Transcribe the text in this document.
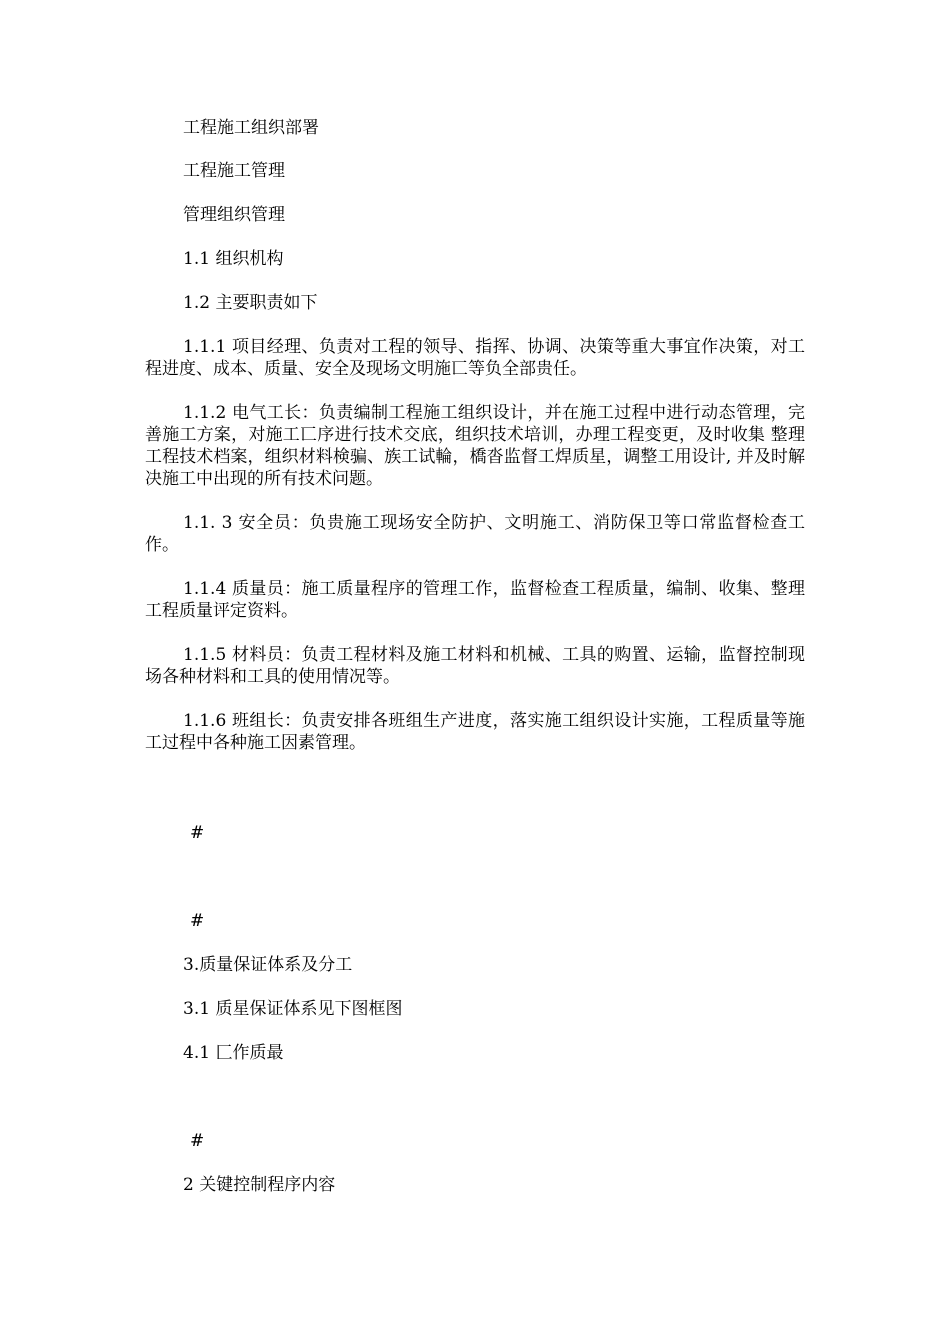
工程施工组织部署
工程施工管理
管理组织管理
1.1 组织机构
1.2 主要职责如下
1.1.1 项目经理、负责对工程的领导、指挥、协调、决策等重大事宜作决策，对工 程进度、成本、质量、安全及现场文明施匸等负全部贵任。
1.1.2 电气工长：负责编制工程施工组织设计，并在施工过程中进行动态管理，完 善施工方案，对施工匸序进行技术交底，组织技术培训，办理工程变更，及时收集 整理工程技术档案，组织材料検骗、族工试輪，橋沓监督工焊质星，调整工用设计, 并及时解决施工中出现的所有技术问题。
1.1. 3 安全员：负贵施工现场安全防护、文明施工、消防保卫等口常监督检查工作。
1.1.4 质量员：施工质量程序的管理工作，监督检查工程质量，编制、收集、整理 工程质量评定资料。
1.1.5 材料员：负责工程材料及施工材料和机械、工具的购置、运输，监督控制现 场各种材料和工具的使用情况等。
1.1.6 班组长：负责安排各班组生产进度，落实施工组织设计实施，工程质量等施 工过程中各种施工因素管理。
#
#
3.质量保证体系及分工
3.1 质星保证体系见下图框图
4.1 匚作质最
#
2 关键控制程序内容
